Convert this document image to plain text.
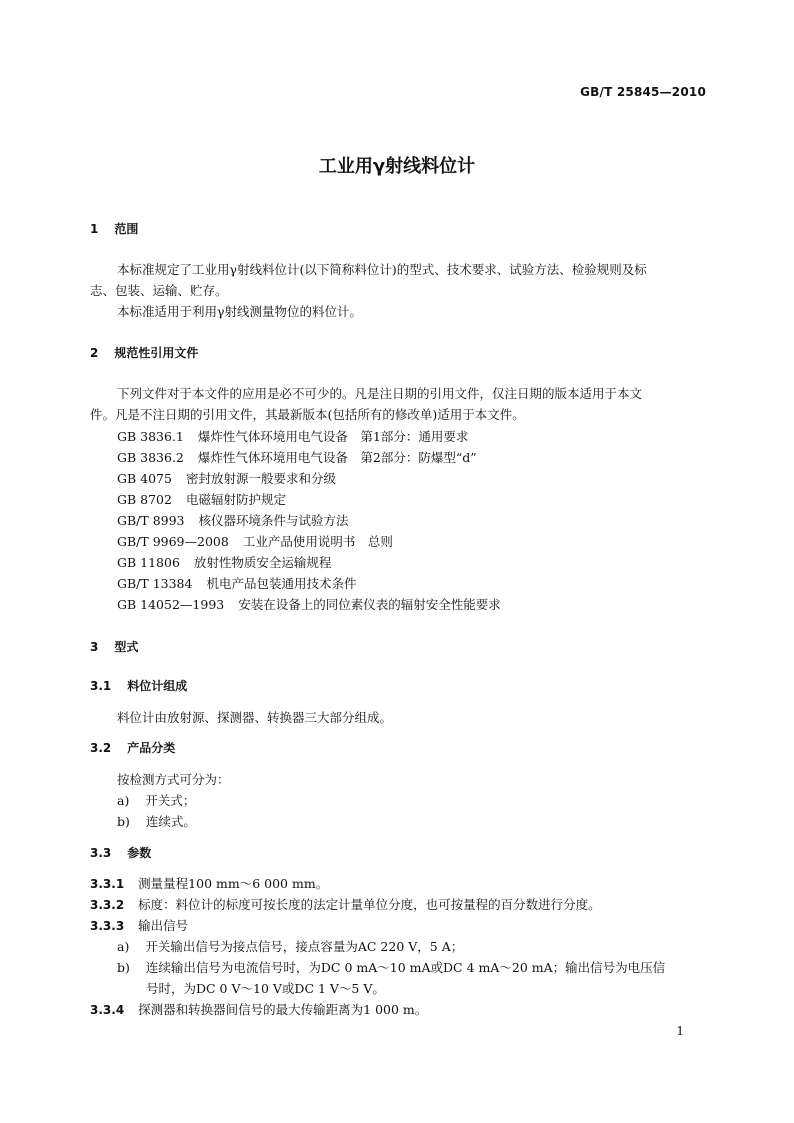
GB/T 25845—2010
工业用γ射线料位计
1 范围
本标准规定了工业用γ射线料位计(以下简称料位计)的型式、技术要求、试验方法、检验规则及标
志、包装、运输、贮存。
本标准适用于利用γ射线测量物位的料位计。
2 规范性引用文件
下列文件对于本文件的应用是必不可少的。凡是注日期的引用文件，仅注日期的版本适用于本文
件。凡是不注日期的引用文件，其最新版本(包括所有的修改单)适用于本文件。
GB 3836.1 爆炸性气体环境用电气设备　第1部分：通用要求
GB 3836.2 爆炸性气体环境用电气设备　第2部分：防爆型“d”
GB 4075 密封放射源一般要求和分级
GB 8702 电磁辐射防护规定
GB/T 8993 核仪器环境条件与试验方法
GB/T 9969—2008 工业产品使用说明书　总则
GB 11806 放射性物质安全运输规程
GB/T 13384 机电产品包装通用技术条件
GB 14052—1993 安装在设备上的同位素仪表的辐射安全性能要求
3 型式
3.1 料位计组成
料位计由放射源、探测器、转换器三大部分组成。
3.2 产品分类
按检测方式可分为：
a) 开关式；
b) 连续式。
3.3 参数
3.3.1 测量量程100 mm～6 000 mm。
3.3.2 标度：料位计的标度可按长度的法定计量单位分度，也可按量程的百分数进行分度。
3.3.3 输出信号
a) 开关输出信号为接点信号，接点容量为AC 220 V，5 A；
b) 连续输出信号为电流信号时，为DC 0 mA～10 mA或DC 4 mA～20 mA；输出信号为电压信
号时，为DC 0 V～10 V或DC 1 V～5 V。
3.3.4 探测器和转换器间信号的最大传输距离为1 000 m。
1
